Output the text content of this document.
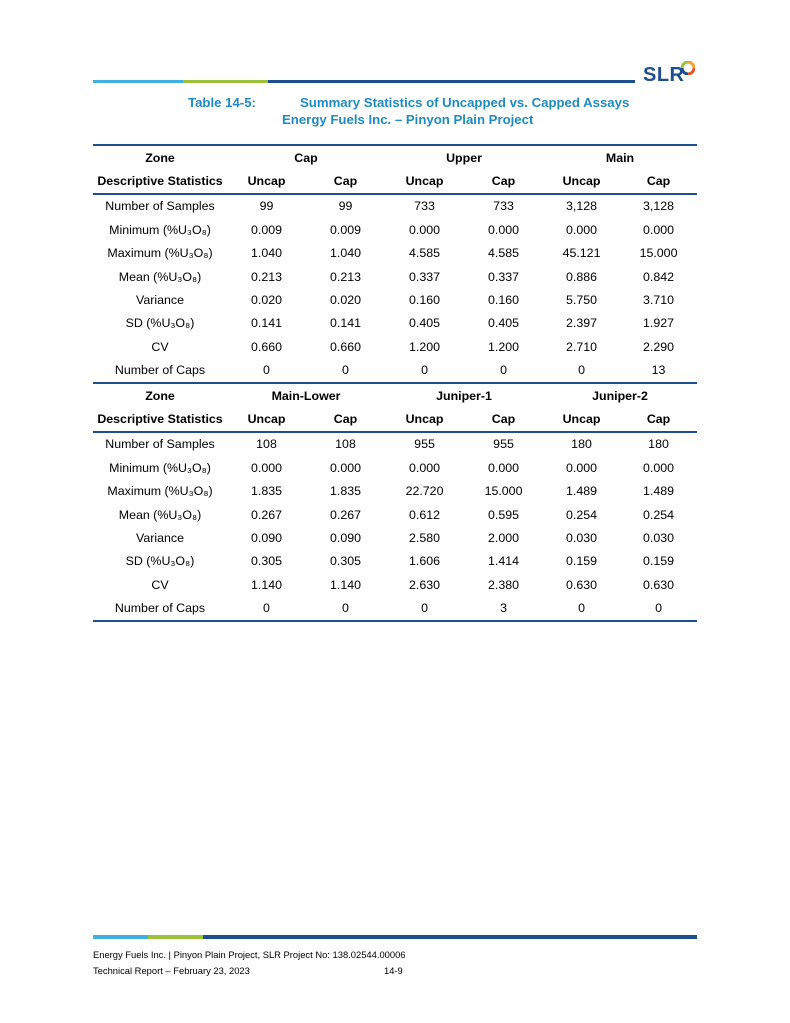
SLR
Table 14-5:	Summary Statistics of Uncapped vs. Capped Assays
Energy Fuels Inc. – Pinyon Plain Project
Zone	Cap		Upper		Main	
Descriptive Statistics	Uncap	Cap	Uncap	Cap	Uncap	Cap
Number of Samples	99	99	733	733	3,128	3,128
Minimum (%U₃O₈)	0.009	0.009	0.000	0.000	0.000	0.000
Maximum (%U₃O₈)	1.040	1.040	4.585	4.585	45.121	15.000
Mean (%U₃O₈)	0.213	0.213	0.337	0.337	0.886	0.842
Variance	0.020	0.020	0.160	0.160	5.750	3.710
SD (%U₃O₈)	0.141	0.141	0.405	0.405	2.397	1.927
CV	0.660	0.660	1.200	1.200	2.710	2.290
Number of Caps	0	0	0	0	0	13
Zone	Main-Lower		Juniper-1		Juniper-2	
Descriptive Statistics	Uncap	Cap	Uncap	Cap	Uncap	Cap
Number of Samples	108	108	955	955	180	180
Minimum (%U₃O₈)	0.000	0.000	0.000	0.000	0.000	0.000
Maximum (%U₃O₈)	1.835	1.835	22.720	15.000	1.489	1.489
Mean (%U₃O₈)	0.267	0.267	0.612	0.595	0.254	0.254
Variance	0.090	0.090	2.580	2.000	0.030	0.030
SD (%U₃O₈)	0.305	0.305	1.606	1.414	0.159	0.159
CV	1.140	1.140	2.630	2.380	0.630	0.630
Number of Caps	0	0	0	3	0	0
Energy Fuels Inc. | Pinyon Plain Project, SLR Project No: 138.02544.00006
Technical Report – February 23, 2023	14-9
